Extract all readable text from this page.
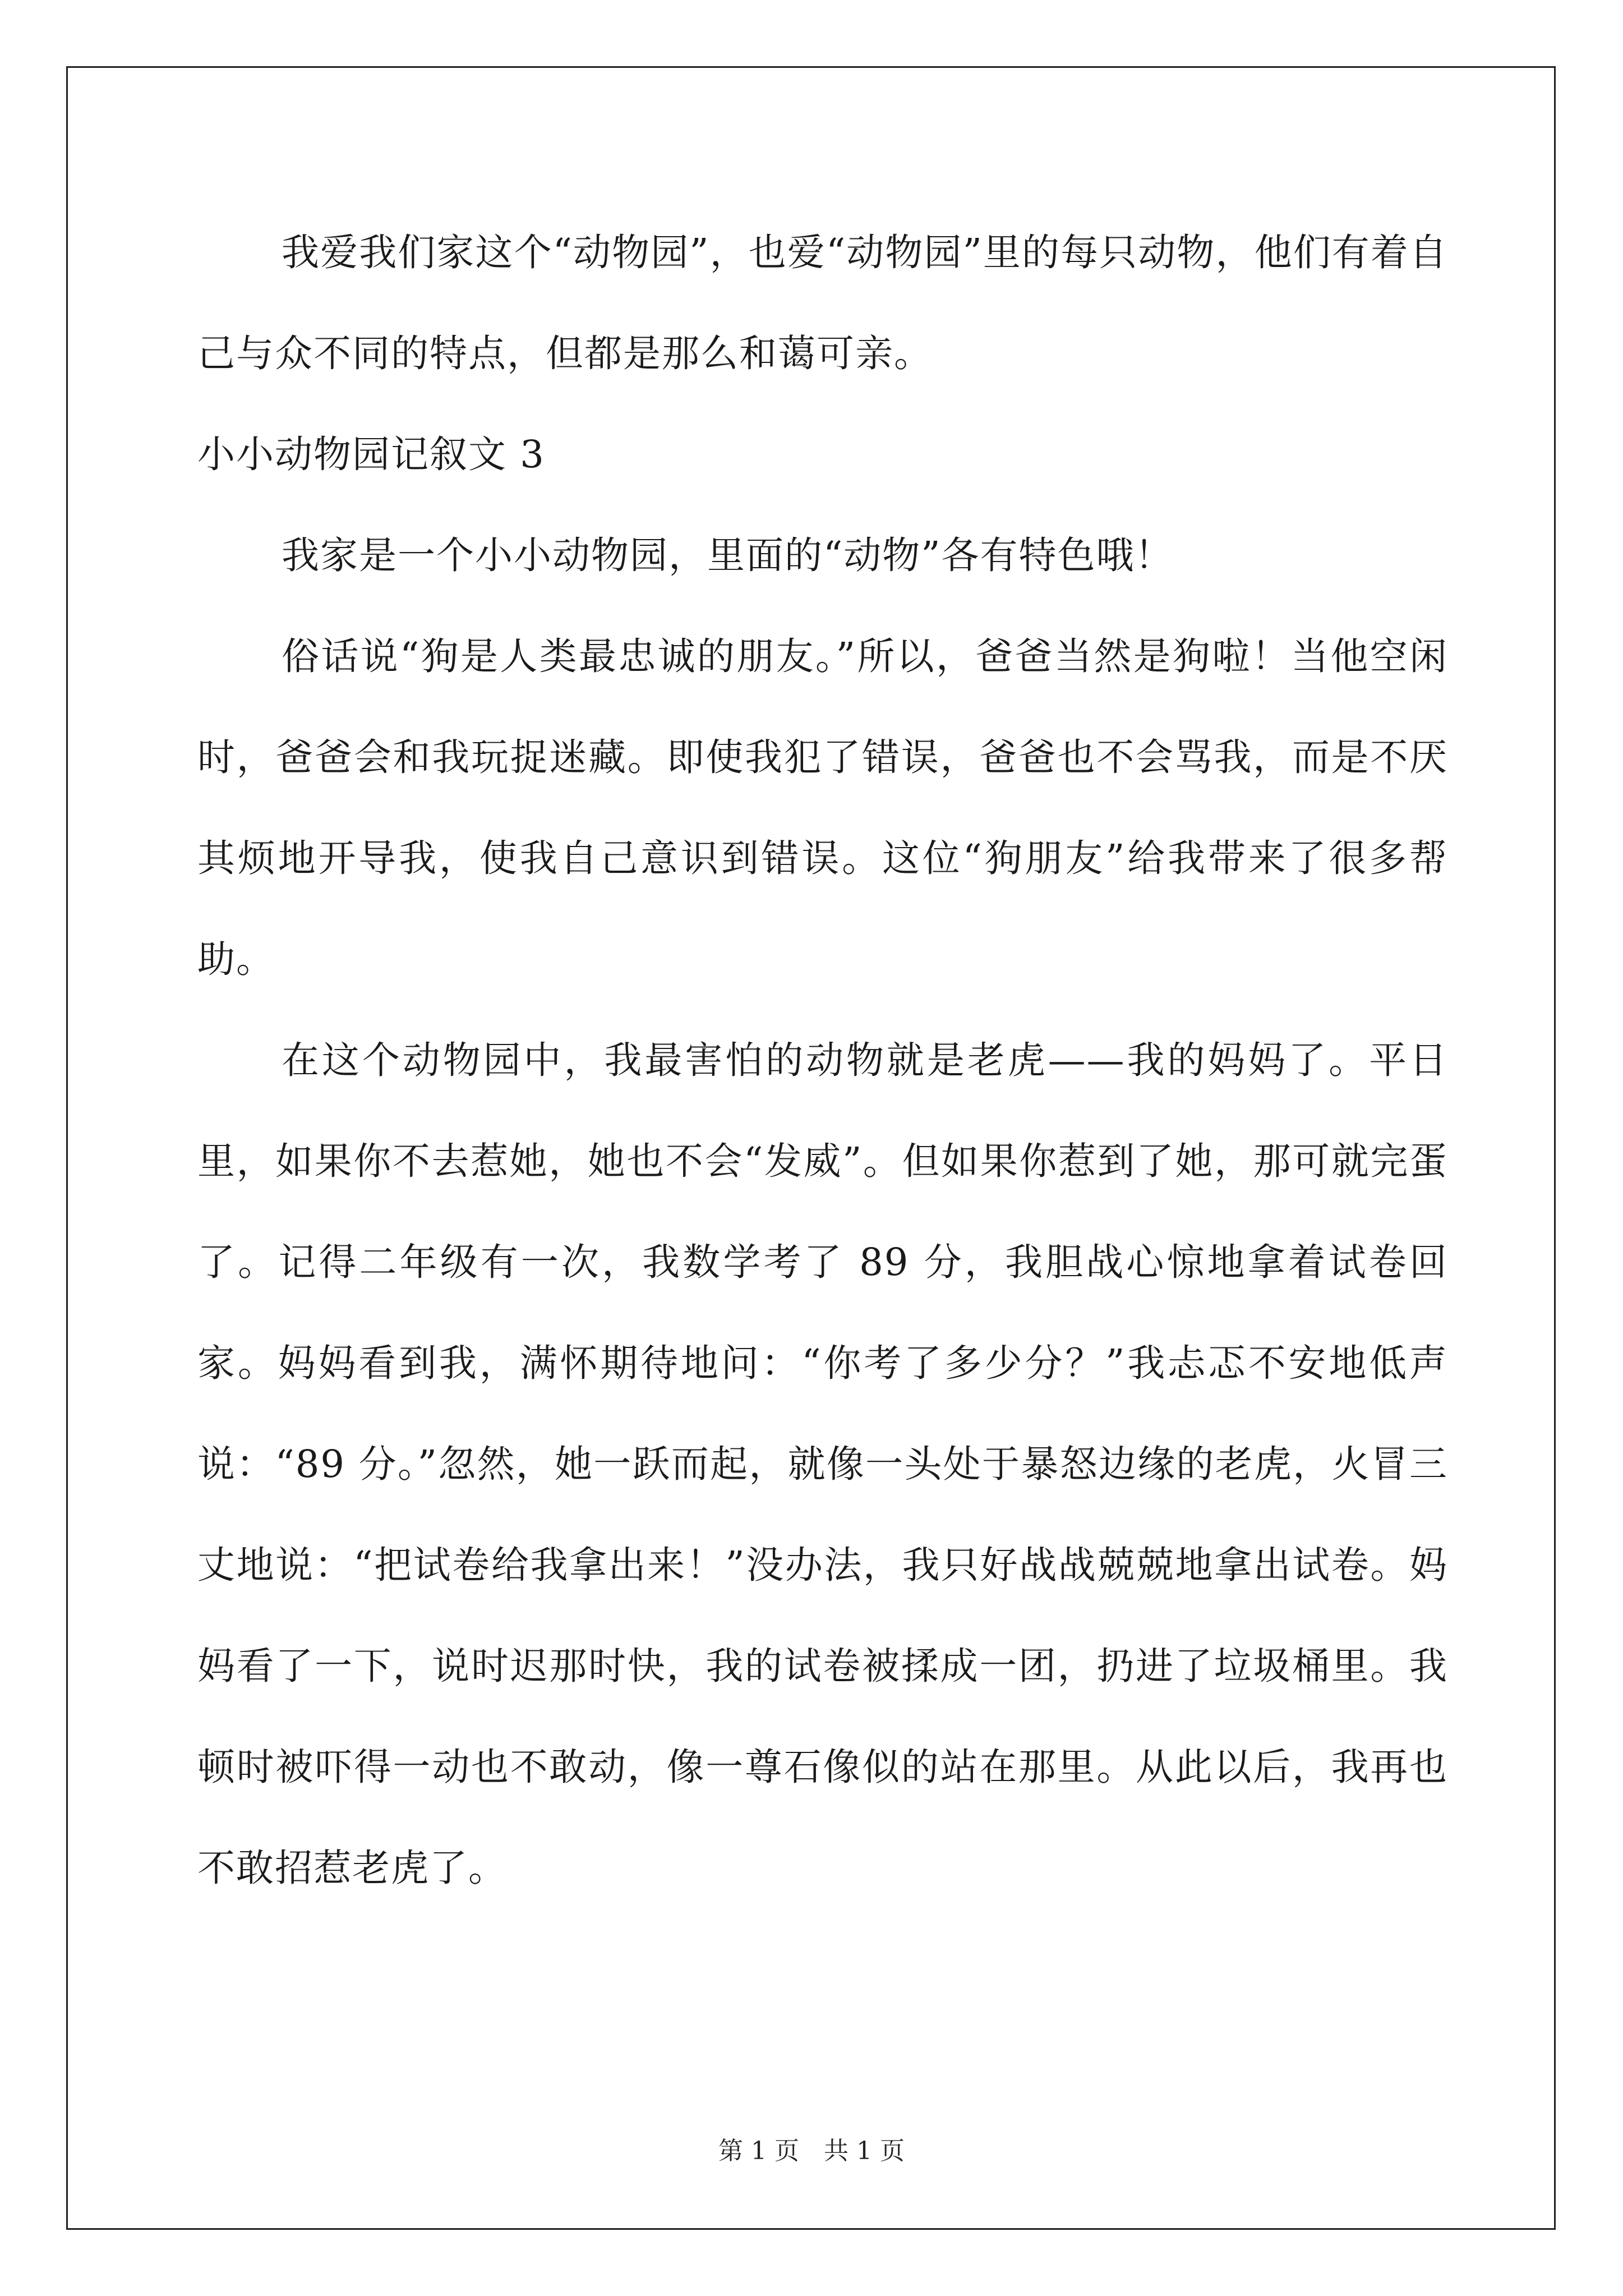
我爱我们家这个“动物园”，也爱“动物园”里的每只动物，他们有着自己与众不同的特点，但都是那么和蔼可亲。

小小动物园记叙文 3

我家是一个小小动物园，里面的“动物”各有特色哦！

俗话说“狗是人类最忠诚的朋友。”所以，爸爸当然是狗啦！当他空闲时，爸爸会和我玩捉迷藏。即使我犯了错误，爸爸也不会骂我，而是不厌其烦地开导我，使我自己意识到错误。这位“狗朋友”给我带来了很多帮助。

在这个动物园中，我最害怕的动物就是老虎——我的妈妈了。平日里，如果你不去惹她，她也不会“发威”。但如果你惹到了她，那可就完蛋了。记得二年级有一次，我数学考了 89 分，我胆战心惊地拿着试卷回家。妈妈看到我，满怀期待地问：“你考了多少分？”我忐忑不安地低声说：“89 分。”忽然，她一跃而起，就像一头处于暴怒边缘的老虎，火冒三丈地说：“把试卷给我拿出来！”没办法，我只好战战兢兢地拿出试卷。妈妈看了一下，说时迟那时快，我的试卷被揉成一团，扔进了垃圾桶里。我顿时被吓得一动也不敢动，像一尊石像似的站在那里。从此以后，我再也不敢招惹老虎了。

第 1 页　共 1 页
